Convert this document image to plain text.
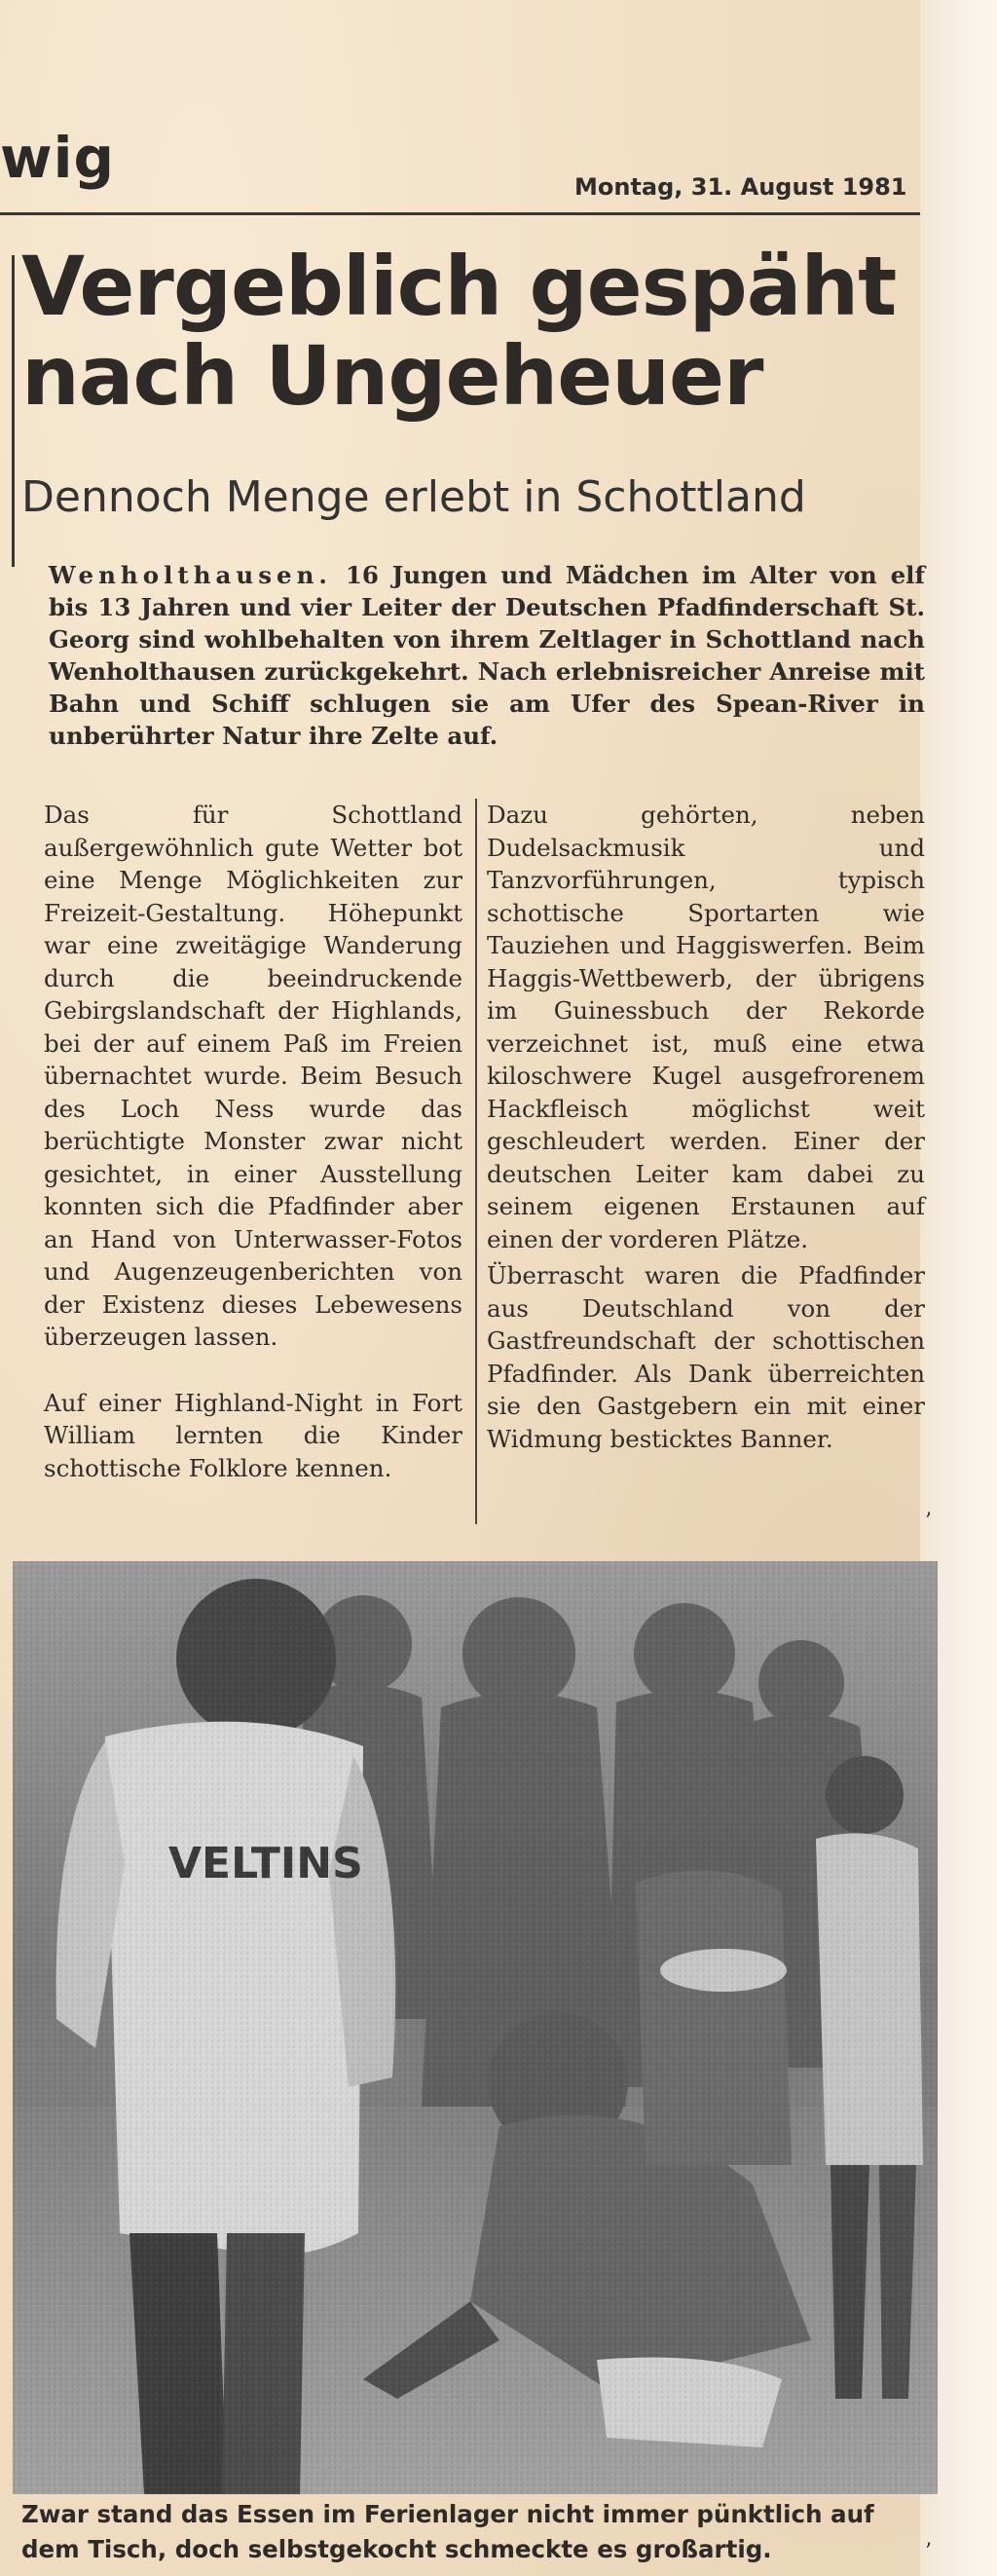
wig	Montag, 31. August 1981
Vergeblich gespäht nach Ungeheuer
Dennoch Menge erlebt in Schottland

Wenholthausen. 16 Jungen und Mädchen im Alter von elf bis 13 Jahren und vier Leiter der Deutschen Pfadfinderschaft St. Georg sind wohlbehalten von ihrem Zeltlager in Schottland nach Wenholthausen zurückgekehrt. Nach erlebnisreicher Anreise mit Bahn und Schiff schlugen sie am Ufer des Spean-River in unberührter Natur ihre Zelte auf.

Das für Schottland außergewöhnlich gute Wetter bot eine Menge Möglichkeiten zur Freizeit-Gestaltung. Höhepunkt war eine zweitägige Wanderung durch die beeindruckende Gebirgslandschaft der Highlands, bei der auf einem Paß im Freien übernachtet wurde. Beim Besuch des Loch Ness wurde das berüchtigte Monster zwar nicht gesichtet, in einer Ausstellung konnten sich die Pfadfinder aber an Hand von Unterwasser-Fotos und Augenzeugenberichten von der Existenz dieses Lebewesens überzeugen lassen.

Auf einer Highland-Night in Fort William lernten die Kinder schottische Folklore kennen.

Dazu gehörten, neben Dudelsackmusik und Tanzvorführungen, typisch schottische Sportarten wie Tauziehen und Haggiswerfen. Beim Haggis-Wettbewerb, der übrigens im Guinessbuch der Rekorde verzeichnet ist, muß eine etwa kiloschwere Kugel ausgefrorenem Hackfleisch möglichst weit geschleudert werden. Einer der deutschen Leiter kam dabei zu seinem eigenen Erstaunen auf einen der vorderen Plätze.

Überrascht waren die Pfadfinder aus Deutschland von der Gastfreundschaft der schottischen Pfadfinder. Als Dank überreichten sie den Gastgebern ein mit einer Widmung besticktes Banner.

Zwar stand das Essen im Ferienlager nicht immer pünktlich auf dem Tisch, doch selbstgekocht schmeckte es großartig.

’
’
